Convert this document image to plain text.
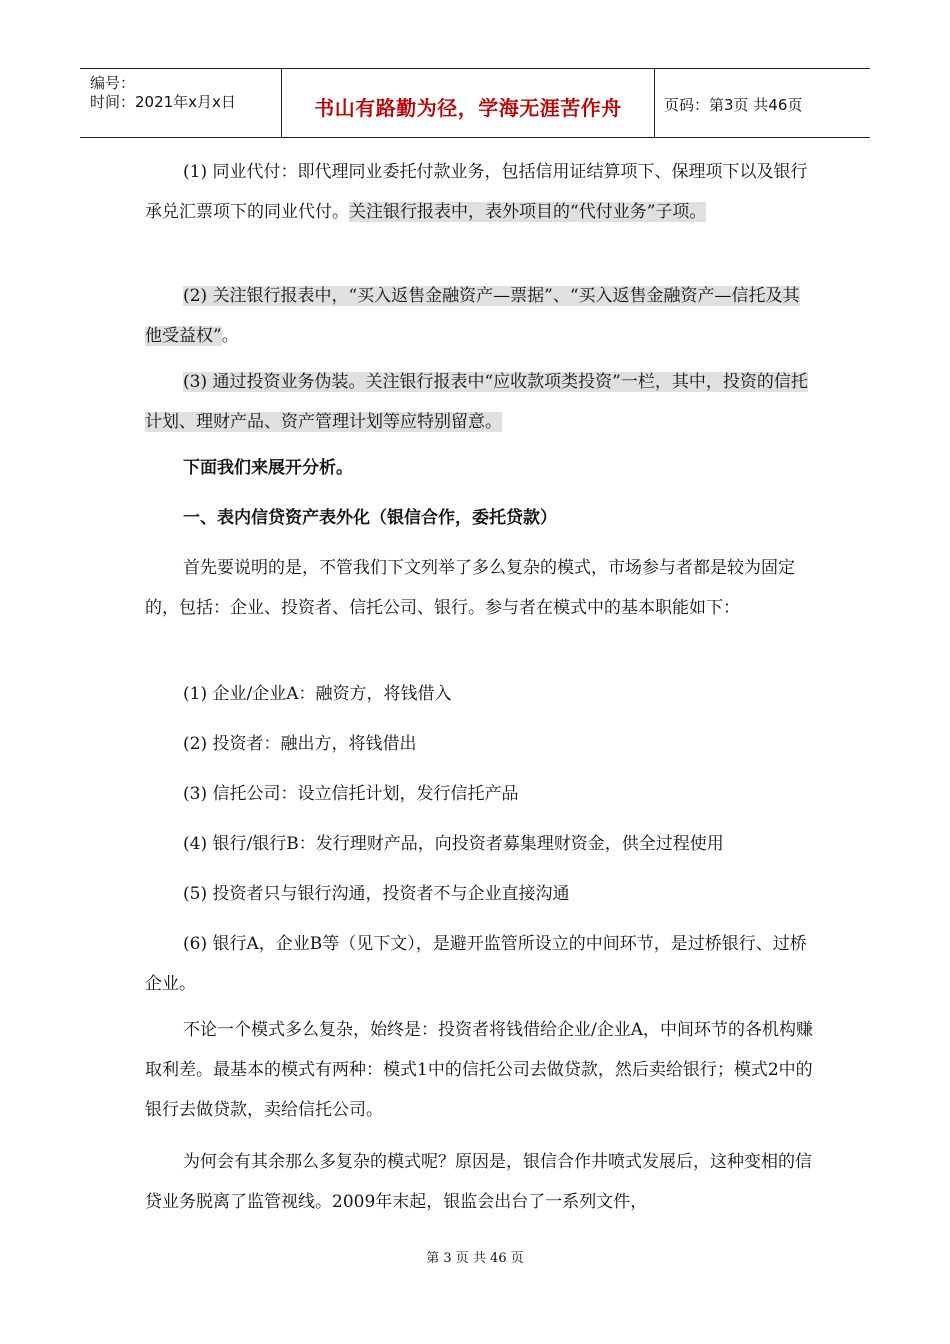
编号：
时间：2021年x月x日	书山有路勤为径，学海无涯苦作舟	页码：第3页 共46页

(1) 同业代付：即代理同业委托付款业务，包括信用证结算项下、保理项下以及银行承兑汇票项下的同业代付。关注银行报表中，表外项目的“代付业务”子项。

(2) 关注银行报表中，“买入返售金融资产—票据”、“买入返售金融资产—信托及其他受益权”。

(3) 通过投资业务伪装。关注银行报表中“应收款项类投资”一栏，其中，投资的信托计划、理财产品、资产管理计划等应特别留意。

下面我们来展开分析。

一、表内信贷资产表外化（银信合作，委托贷款）

首先要说明的是，不管我们下文列举了多么复杂的模式，市场参与者都是较为固定的，包括：企业、投资者、信托公司、银行。参与者在模式中的基本职能如下：

(1) 企业/企业A：融资方，将钱借入

(2) 投资者：融出方，将钱借出

(3) 信托公司：设立信托计划，发行信托产品

(4) 银行/银行B：发行理财产品，向投资者募集理财资金，供全过程使用

(5) 投资者只与银行沟通，投资者不与企业直接沟通

(6) 银行A，企业B等（见下文），是避开监管所设立的中间环节，是过桥银行、过桥企业。

不论一个模式多么复杂，始终是：投资者将钱借给企业/企业A，中间环节的各机构赚取利差。最基本的模式有两种：模式1中的信托公司去做贷款，然后卖给银行；模式2中的银行去做贷款，卖给信托公司。

为何会有其余那么多复杂的模式呢？原因是，银信合作井喷式发展后，这种变相的信贷业务脱离了监管视线。2009年末起，银监会出台了一系列文件，

第 3 页 共 46 页
